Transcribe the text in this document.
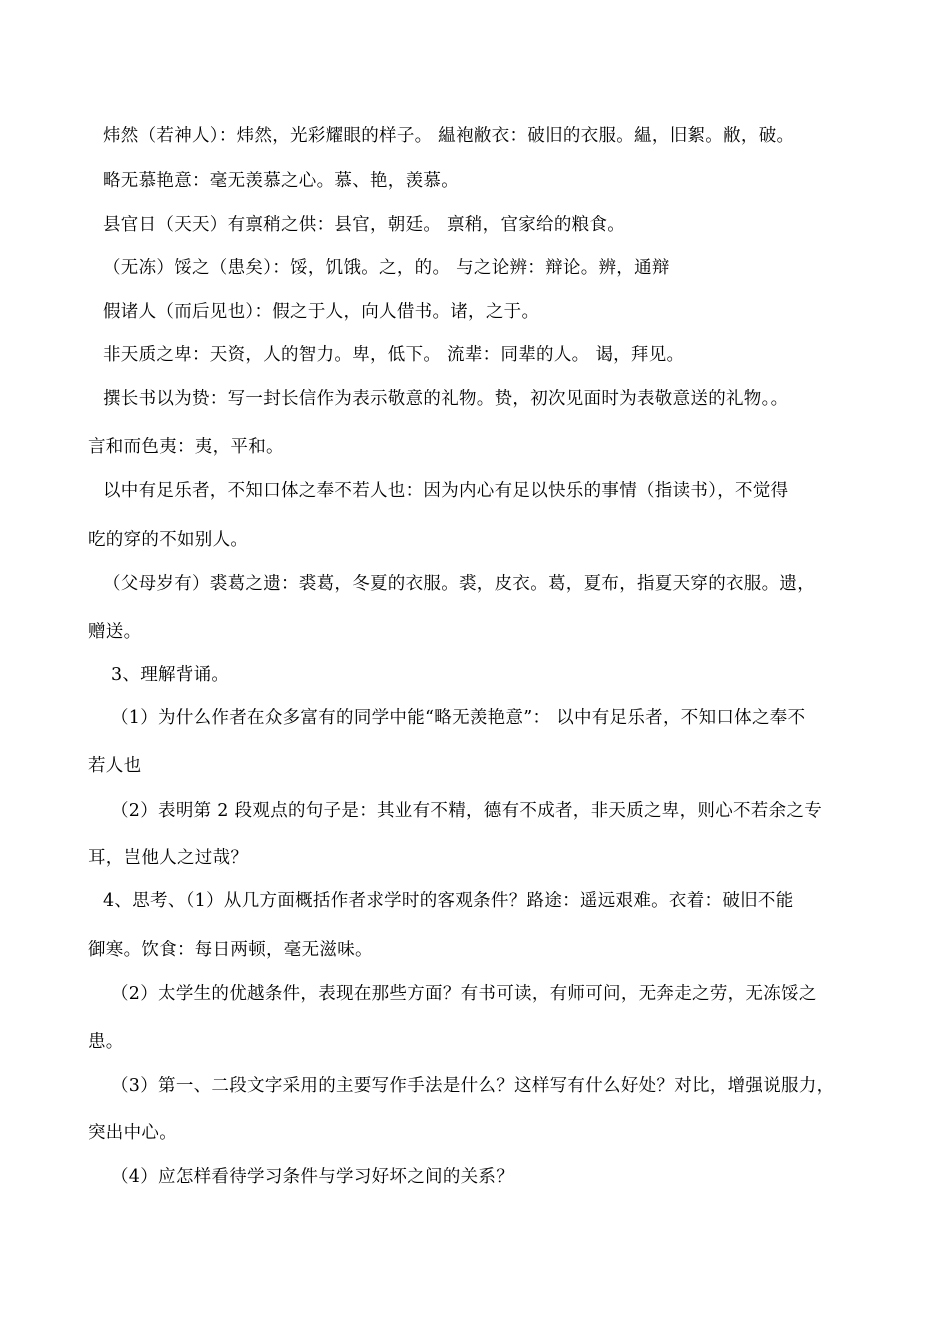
炜然（若神人）：炜然，光彩耀眼的样子。 緼袍敝衣：破旧的衣服。緼，旧絮。敝，破。
略无慕艳意：毫无羡慕之心。慕、艳，羡慕。
县官日（天天）有禀稍之供：县官，朝廷。 禀稍，官家给的粮食。
（无冻）馁之（患矣）：馁，饥饿。之，的。 与之论辨：辩论。辨，通辩
假诸人（而后见也）：假之于人，向人借书。诸，之于。
非天质之卑：天资，人的智力。卑，低下。 流辈：同辈的人。 谒，拜见。
撰长书以为贽：写一封长信作为表示敬意的礼物。贽，初次见面时为表敬意送的礼物。。
言和而色夷：夷，平和。
以中有足乐者，不知口体之奉不若人也：因为内心有足以快乐的事情（指读书），不觉得
吃的穿的不如别人。
（父母岁有）裘葛之遗：裘葛，冬夏的衣服。裘，皮衣。葛，夏布，指夏天穿的衣服。遗，
赠送。
3、理解背诵。
（1）为什么作者在众多富有的同学中能“略无羡艳意”： 以中有足乐者，不知口体之奉不
若人也
（2）表明第 2 段观点的句子是：其业有不精，德有不成者，非天质之卑，则心不若余之专
耳，岂他人之过哉？
4、思考、（1）从几方面概括作者求学时的客观条件？路途：遥远艰难。衣着：破旧不能
御寒。饮食：每日两顿，毫无滋味。
（2）太学生的优越条件，表现在那些方面？有书可读，有师可问，无奔走之劳，无冻馁之
患。
（3）第一、二段文字采用的主要写作手法是什么？这样写有什么好处？对比，增强说服力，
突出中心。
（4）应怎样看待学习条件与学习好坏之间的关系？
